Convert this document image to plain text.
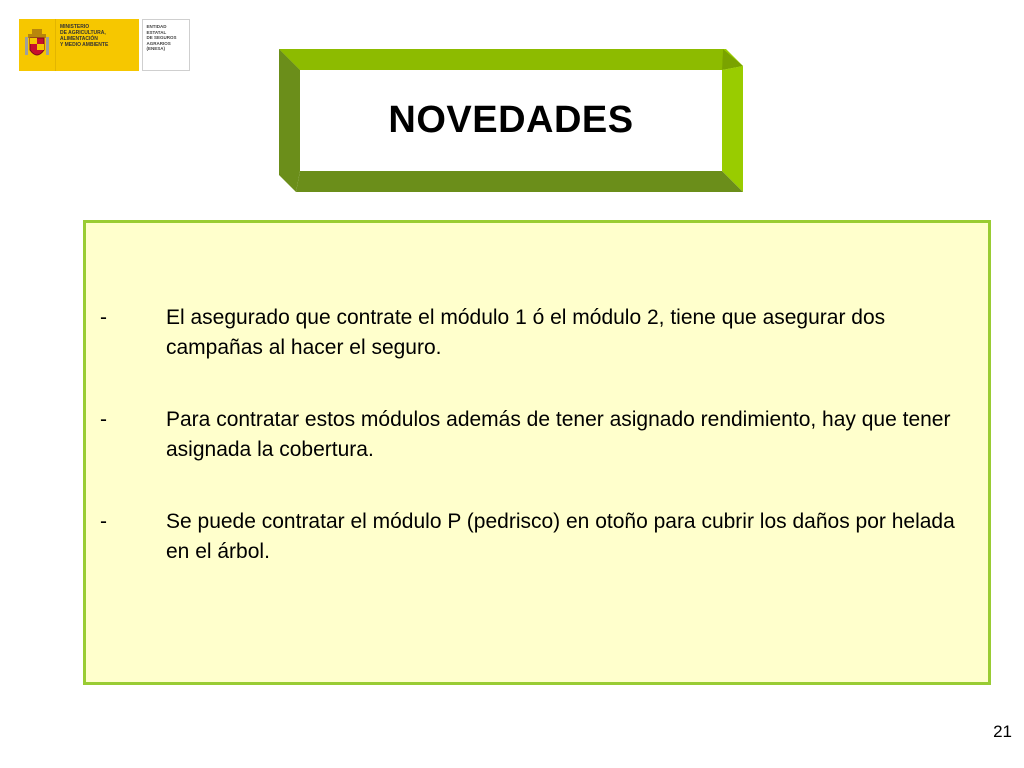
MINISTERIO
DE AGRICULTURA, ALIMENTACIÓN
Y MEDIO AMBIENTE
ENTIDAD ESTATAL
DE SEGUROS
AGRARIOS (ENESA)
NOVEDADES
-	El asegurado que contrate el módulo 1 ó el módulo 2, tiene que asegurar dos campañas al hacer el seguro.
-	Para contratar estos módulos además de tener asignado rendimiento, hay que tener asignada la cobertura.
-	Se puede contratar el módulo P (pedrisco) en otoño para cubrir los daños por helada en el árbol.
21
